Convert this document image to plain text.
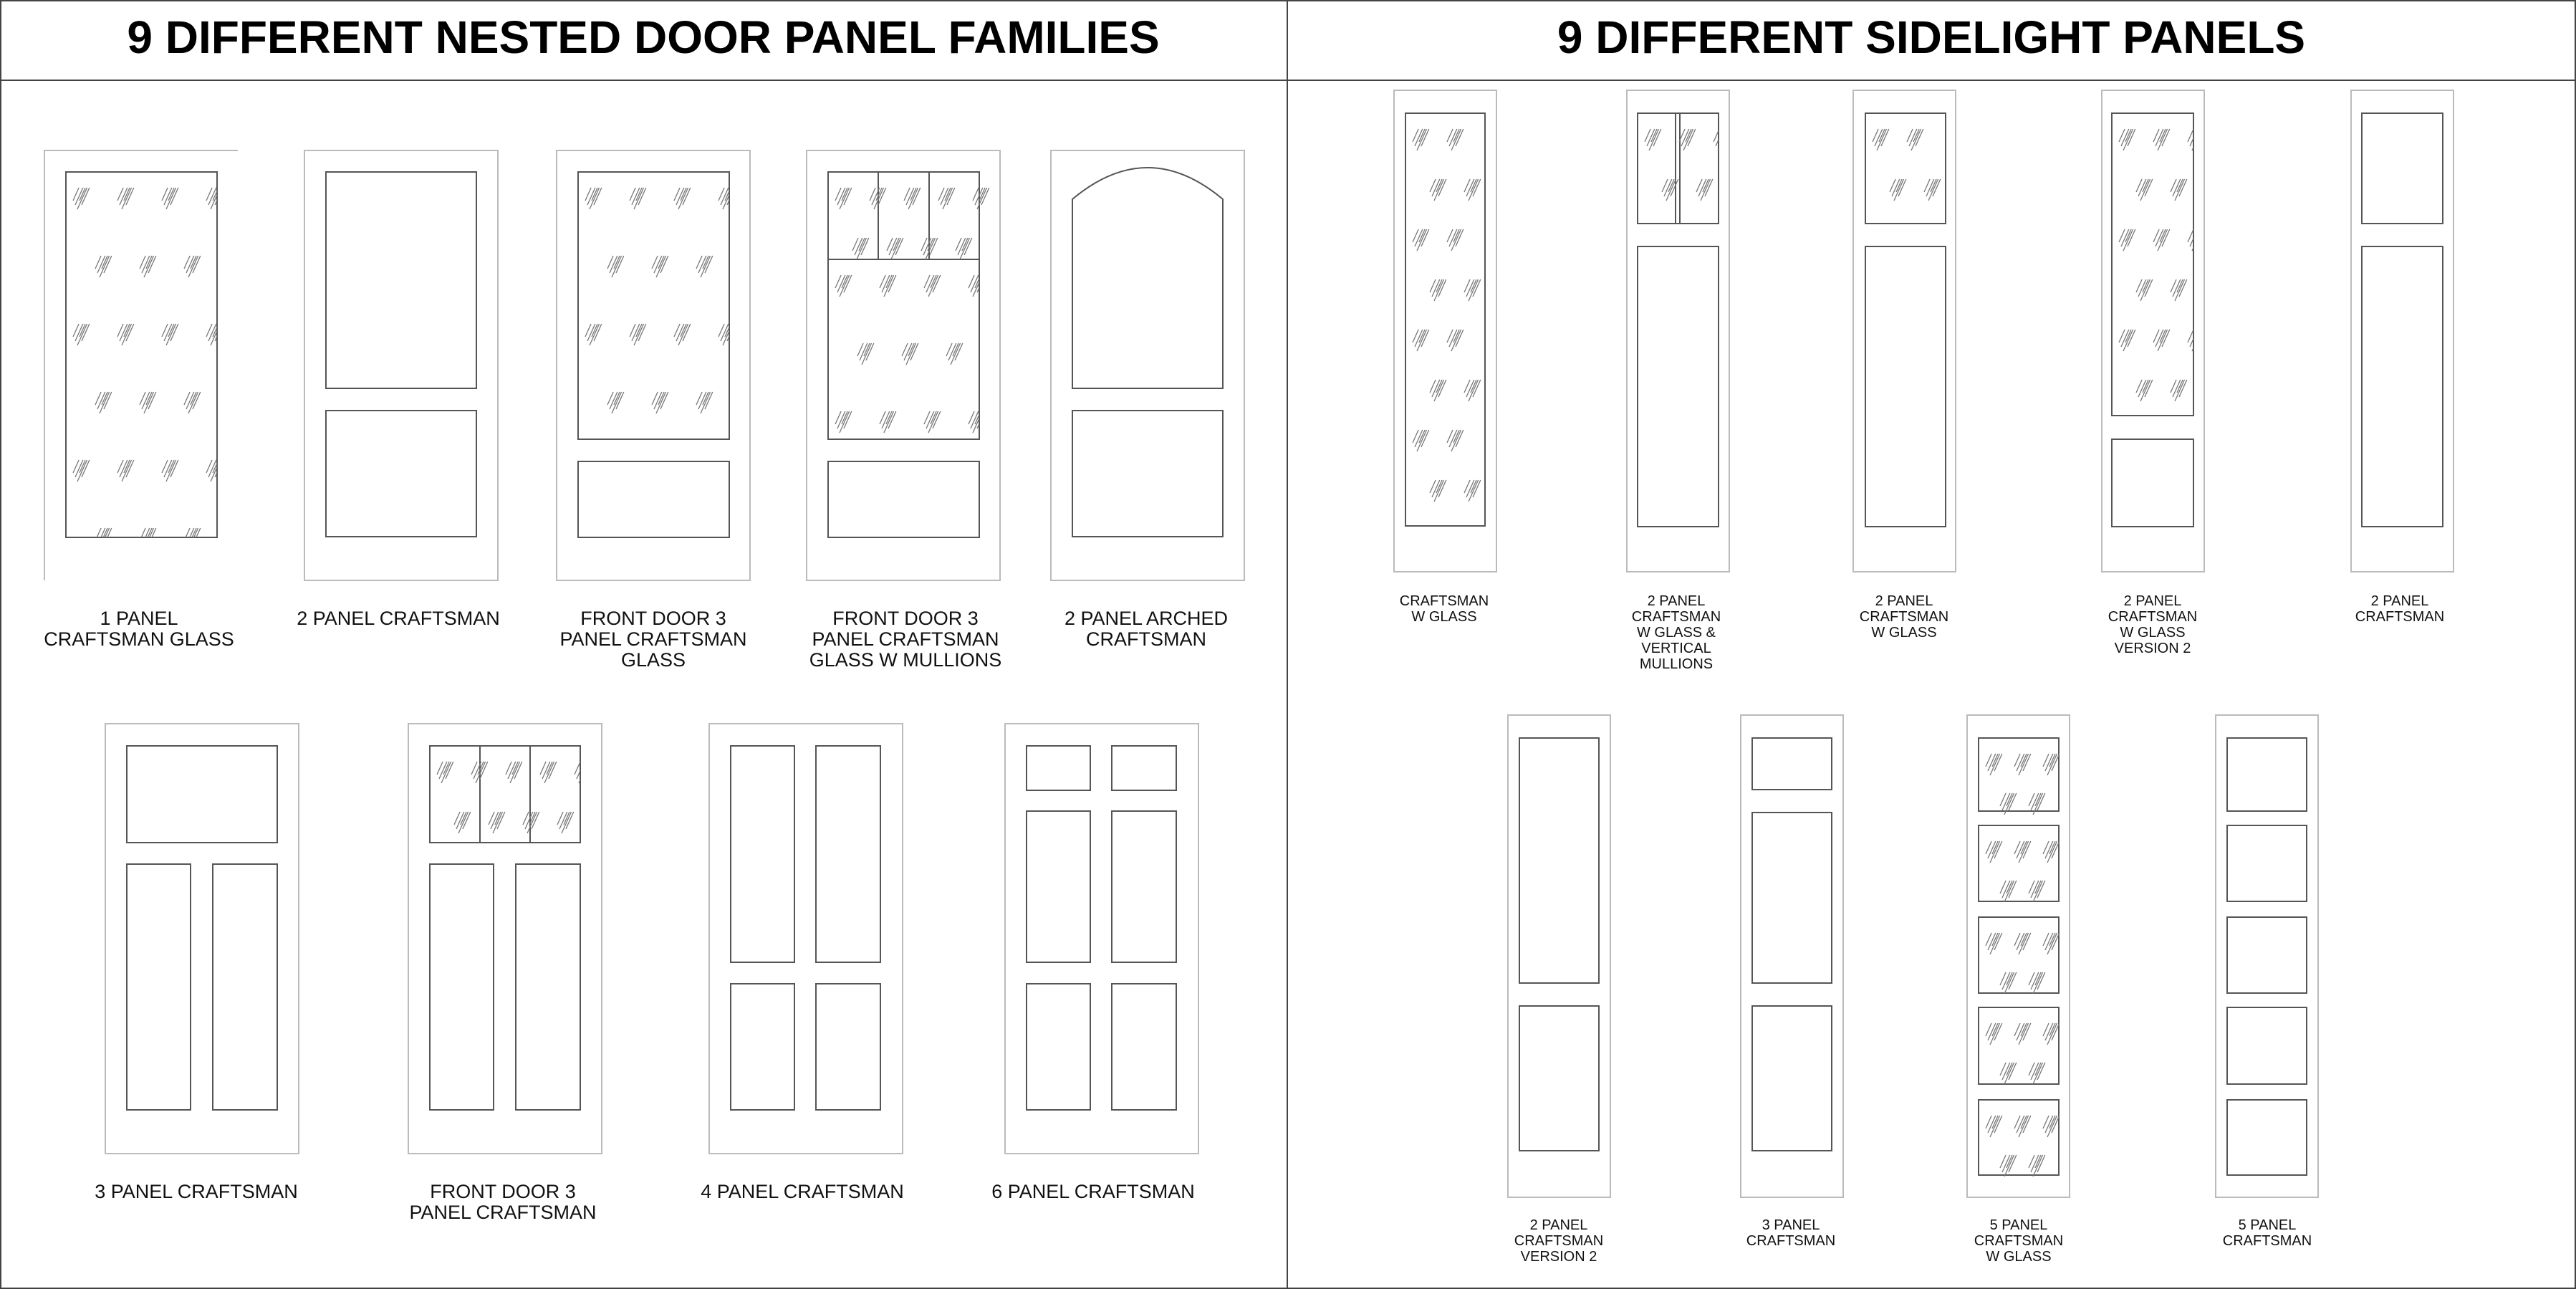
9 DIFFERENT NESTED DOOR PANEL FAMILIES	9 DIFFERENT SIDELIGHT PANELS
1 PANEL CRAFTSMAN GLASS
2 PANEL CRAFTSMAN	FRONT DOOR 3 PANEL CRAFTSMAN GLASS
FRONT DOOR 3 PANEL CRAFTSMAN GLASS W MULLIONS
2 PANEL ARCHED CRAFTSMAN
3 PANEL CRAFTSMAN	FRONT DOOR 3 PANEL CRAFTSMAN
4 PANEL CRAFTSMAN	6 PANEL CRAFTSMAN
CRAFTSMAN W GLASS
2 PANEL CRAFTSMAN W GLASS & VERTICAL MULLIONS
2 PANEL CRAFTSMAN W GLASS
2 PANEL CRAFTSMAN W GLASS VERSION 2
2 PANEL CRAFTSMAN
2 PANEL CRAFTSMAN VERSION 2
3 PANEL CRAFTSMAN
5 PANEL CRAFTSMAN W GLASS
5 PANEL CRAFTSMAN
